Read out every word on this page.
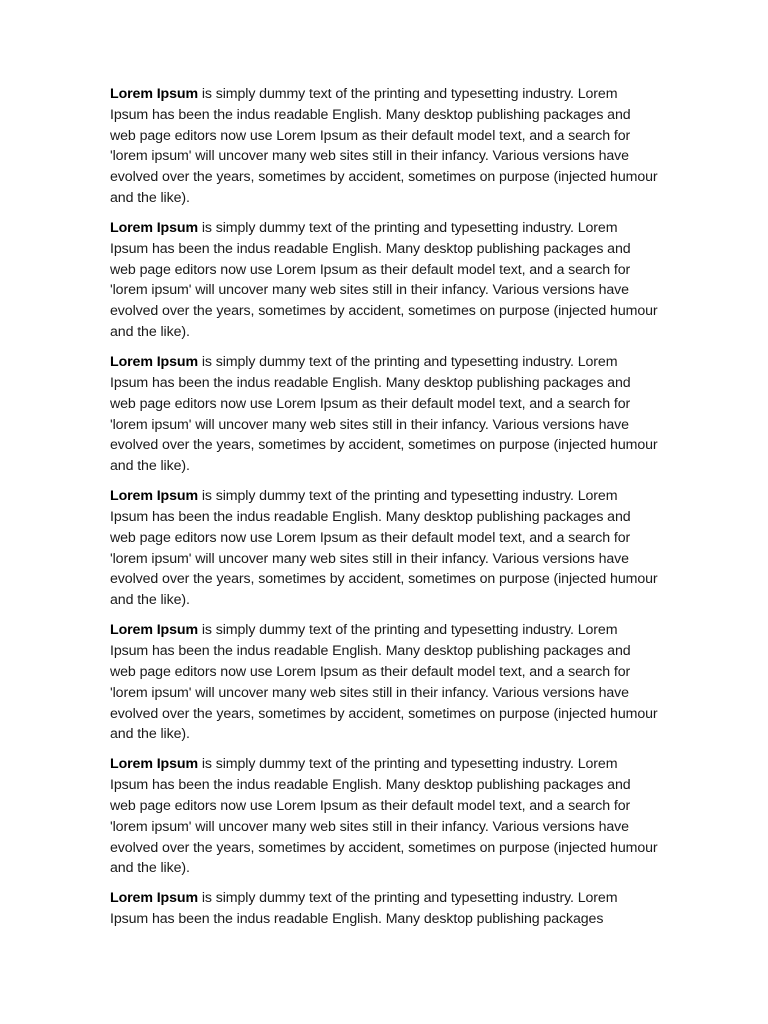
Lorem Ipsum is simply dummy text of the printing and typesetting industry. Lorem Ipsum has been the indus readable English. Many desktop publishing packages and web page editors now use Lorem Ipsum as their default model text, and a search for 'lorem ipsum' will uncover many web sites still in their infancy. Various versions have evolved over the years, sometimes by accident, sometimes on purpose (injected humour and the like).

Lorem Ipsum is simply dummy text of the printing and typesetting industry. Lorem Ipsum has been the indus readable English. Many desktop publishing packages and web page editors now use Lorem Ipsum as their default model text, and a search for 'lorem ipsum' will uncover many web sites still in their infancy. Various versions have evolved over the years, sometimes by accident, sometimes on purpose (injected humour and the like).

Lorem Ipsum is simply dummy text of the printing and typesetting industry. Lorem Ipsum has been the indus readable English. Many desktop publishing packages and web page editors now use Lorem Ipsum as their default model text, and a search for 'lorem ipsum' will uncover many web sites still in their infancy. Various versions have evolved over the years, sometimes by accident, sometimes on purpose (injected humour and the like).

Lorem Ipsum is simply dummy text of the printing and typesetting industry. Lorem Ipsum has been the indus readable English. Many desktop publishing packages and web page editors now use Lorem Ipsum as their default model text, and a search for 'lorem ipsum' will uncover many web sites still in their infancy. Various versions have evolved over the years, sometimes by accident, sometimes on purpose (injected humour and the like).

Lorem Ipsum is simply dummy text of the printing and typesetting industry. Lorem Ipsum has been the indus readable English. Many desktop publishing packages and web page editors now use Lorem Ipsum as their default model text, and a search for 'lorem ipsum' will uncover many web sites still in their infancy. Various versions have evolved over the years, sometimes by accident, sometimes on purpose (injected humour and the like).

Lorem Ipsum is simply dummy text of the printing and typesetting industry. Lorem Ipsum has been the indus readable English. Many desktop publishing packages and web page editors now use Lorem Ipsum as their default model text, and a search for 'lorem ipsum' will uncover many web sites still in their infancy. Various versions have evolved over the years, sometimes by accident, sometimes on purpose (injected humour and the like).

Lorem Ipsum is simply dummy text of the printing and typesetting industry. Lorem Ipsum has been the indus readable English. Many desktop publishing packages
